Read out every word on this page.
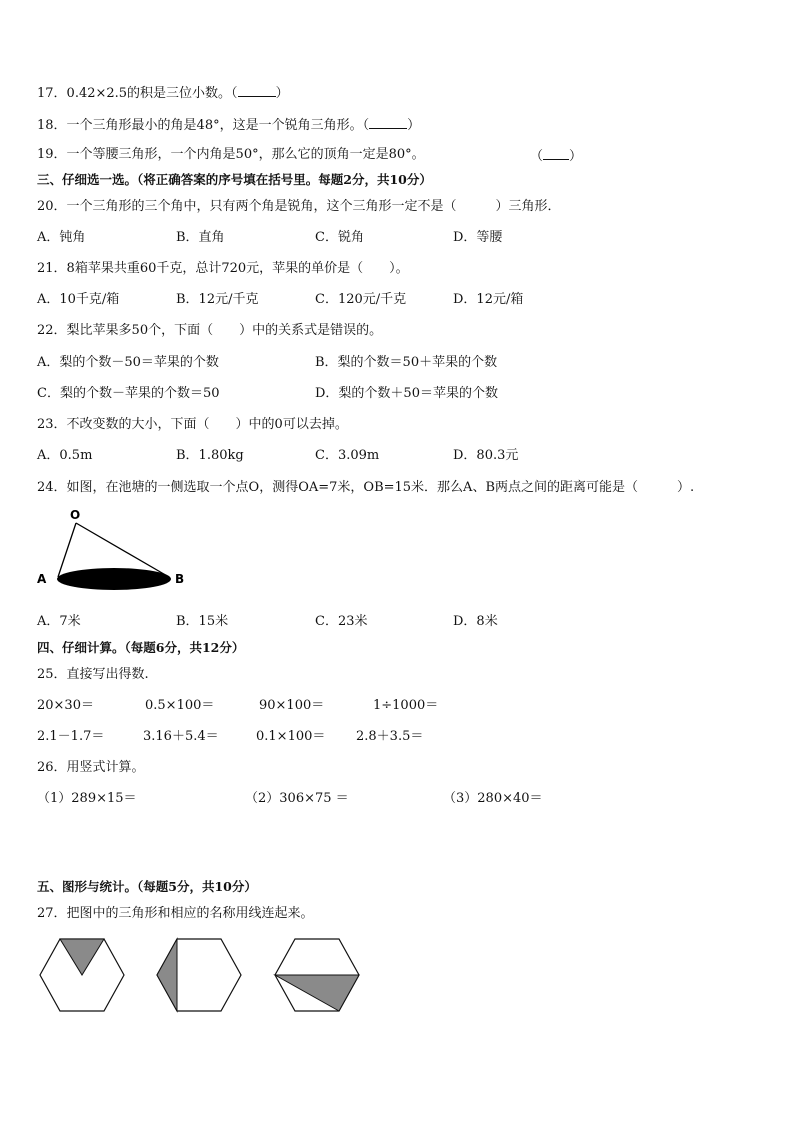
17．0.42×2.5的积是三位小数。（	）
18．一个三角形最小的角是48°，这是一个锐角三角形。（	）
19．一个等腰三角形，一个内角是50°，那么它的顶角一定是80°。	（ ）
三、仔细选一选。（将正确答案的序号填在括号里。每题2分，共10分）
20．一个三角形的三个角中，只有两个角是锐角，这个三角形一定不是（　　　）三角形．
A．钝角	B．直角	C．锐角	D．等腰
21．8箱苹果共重60千克，总计720元，苹果的单价是（　　）。
A．10千克/箱	B．12元/千克	C．120元/千克	D．12元/箱
22．梨比苹果多50个，下面（　　）中的关系式是错误的。
A．梨的个数－50＝苹果的个数	B．梨的个数＝50＋苹果的个数
C．梨的个数－苹果的个数＝50	D．梨的个数＋50＝苹果的个数
23．不改变数的大小，下面（　　）中的0可以去掉。
A．0.5m	B．1.80kg	C．3.09m	D．80.3元
24．如图，在池塘的一侧选取一个点O，测得OA=7米，OB=15米．那么A、B两点之间的距离可能是（　　　）.
O
A	B
A．7米	B．15米	C．23米	D．8米
四、仔细计算。（每题6分，共12分）
25．直接写出得数.
20×30＝	0.5×100＝	90×100＝	1÷1000＝
2.1－1.7＝	3.16＋5.4＝	0.1×100＝ 2.8＋3.5＝
26．用竖式计算。
（1）289×15＝	（2）306×75 ＝	（3）280×40＝
五、图形与统计。（每题5分，共10分）
27．把图中的三角形和相应的名称用线连起来。
